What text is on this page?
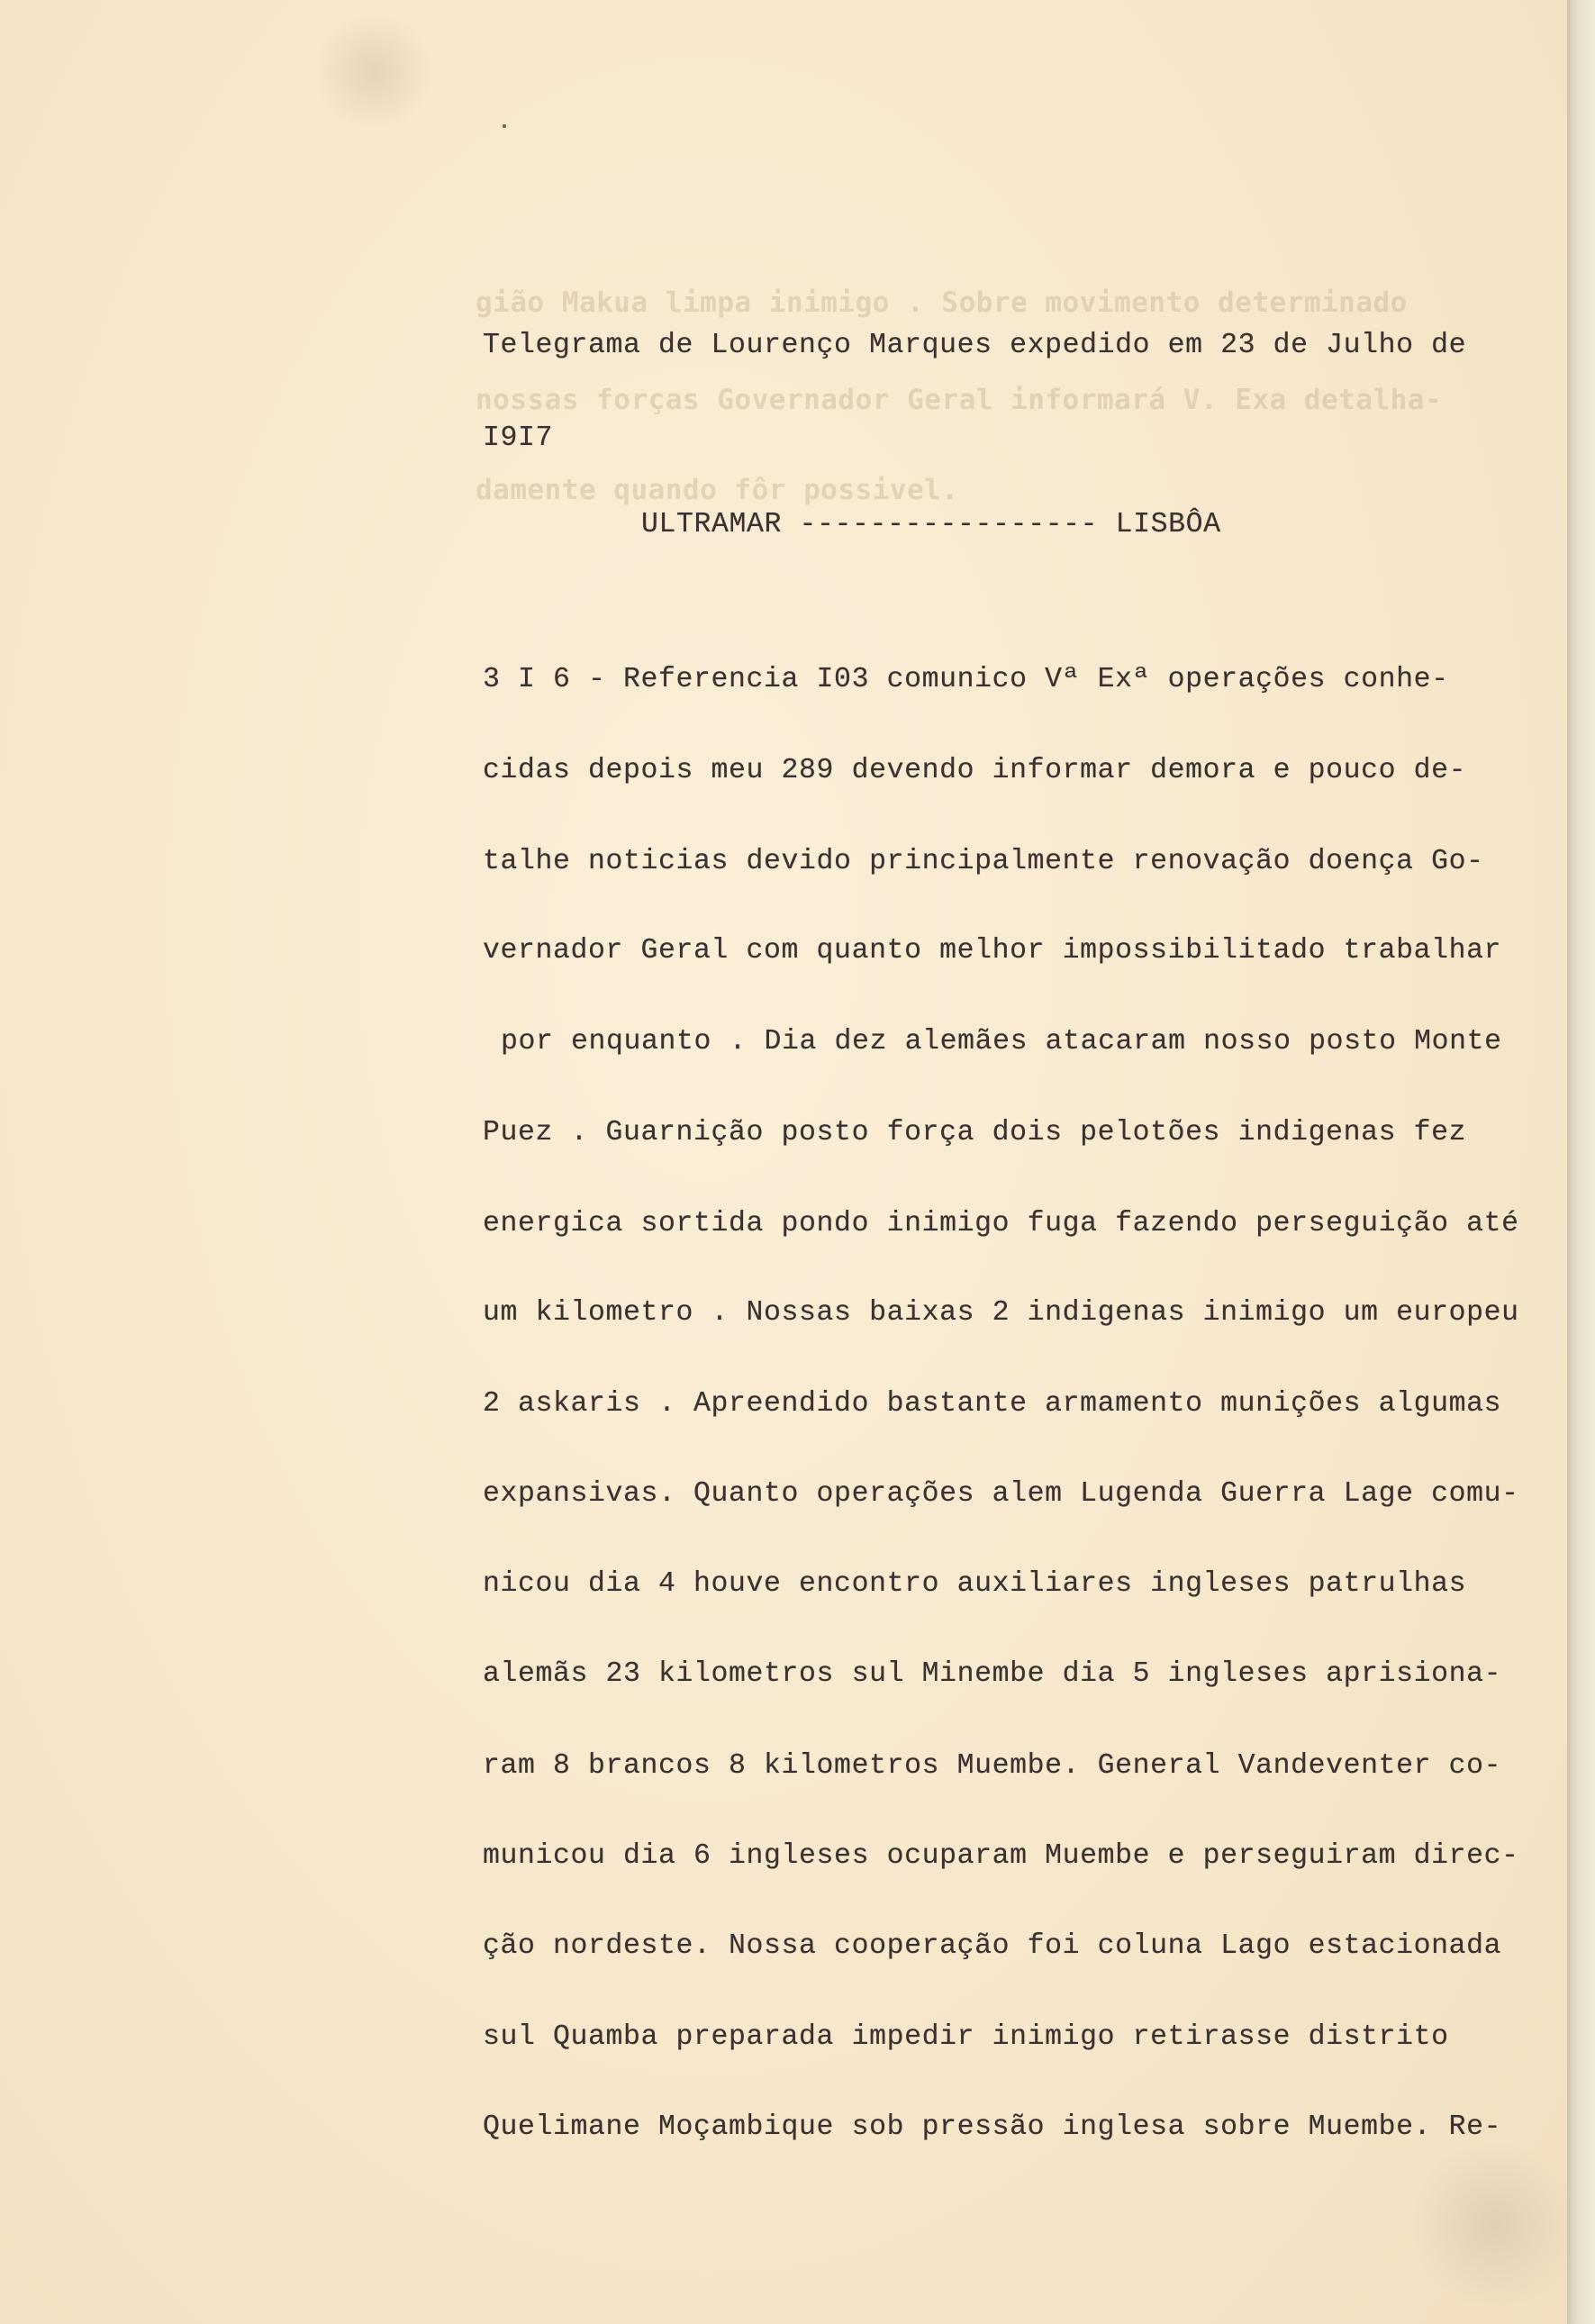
gião Makua limpa inimigo . Sobre movimento determinado
nossas forças Governador Geral informará V. Exa detalha-
damente quando fôr possivel.
Telegrama de Lourenço Marques expedido em 23 de Julho de
I9I7
ULTRAMAR ----------------- LISBÔA
3 I 6 - Referencia I03 comunico Vª Exª operações conhe-
cidas depois meu 289 devendo informar demora e pouco de-
talhe noticias devido principalmente renovação doença Go-
vernador Geral com quanto melhor impossibilitado trabalhar
por enquanto . Dia dez alemães atacaram nosso posto Monte
Puez . Guarnição posto força dois pelotões indigenas fez
energica sortida pondo inimigo fuga fazendo perseguição até
um kilometro . Nossas baixas 2 indigenas inimigo um europeu
2 askaris . Apreendido bastante armamento munições algumas
expansivas. Quanto operações alem Lugenda Guerra Lage comu-
nicou dia 4 houve encontro auxiliares ingleses patrulhas
alemãs 23 kilometros sul Minembe dia 5 ingleses aprisiona-
ram 8 brancos 8 kilometros Muembe. General Vandeventer co-
municou dia 6 ingleses ocuparam Muembe e perseguiram direc-
ção nordeste. Nossa cooperação foi coluna Lago estacionada
sul Quamba preparada impedir inimigo retirasse distrito
Quelimane Moçambique sob pressão inglesa sobre Muembe. Re-
